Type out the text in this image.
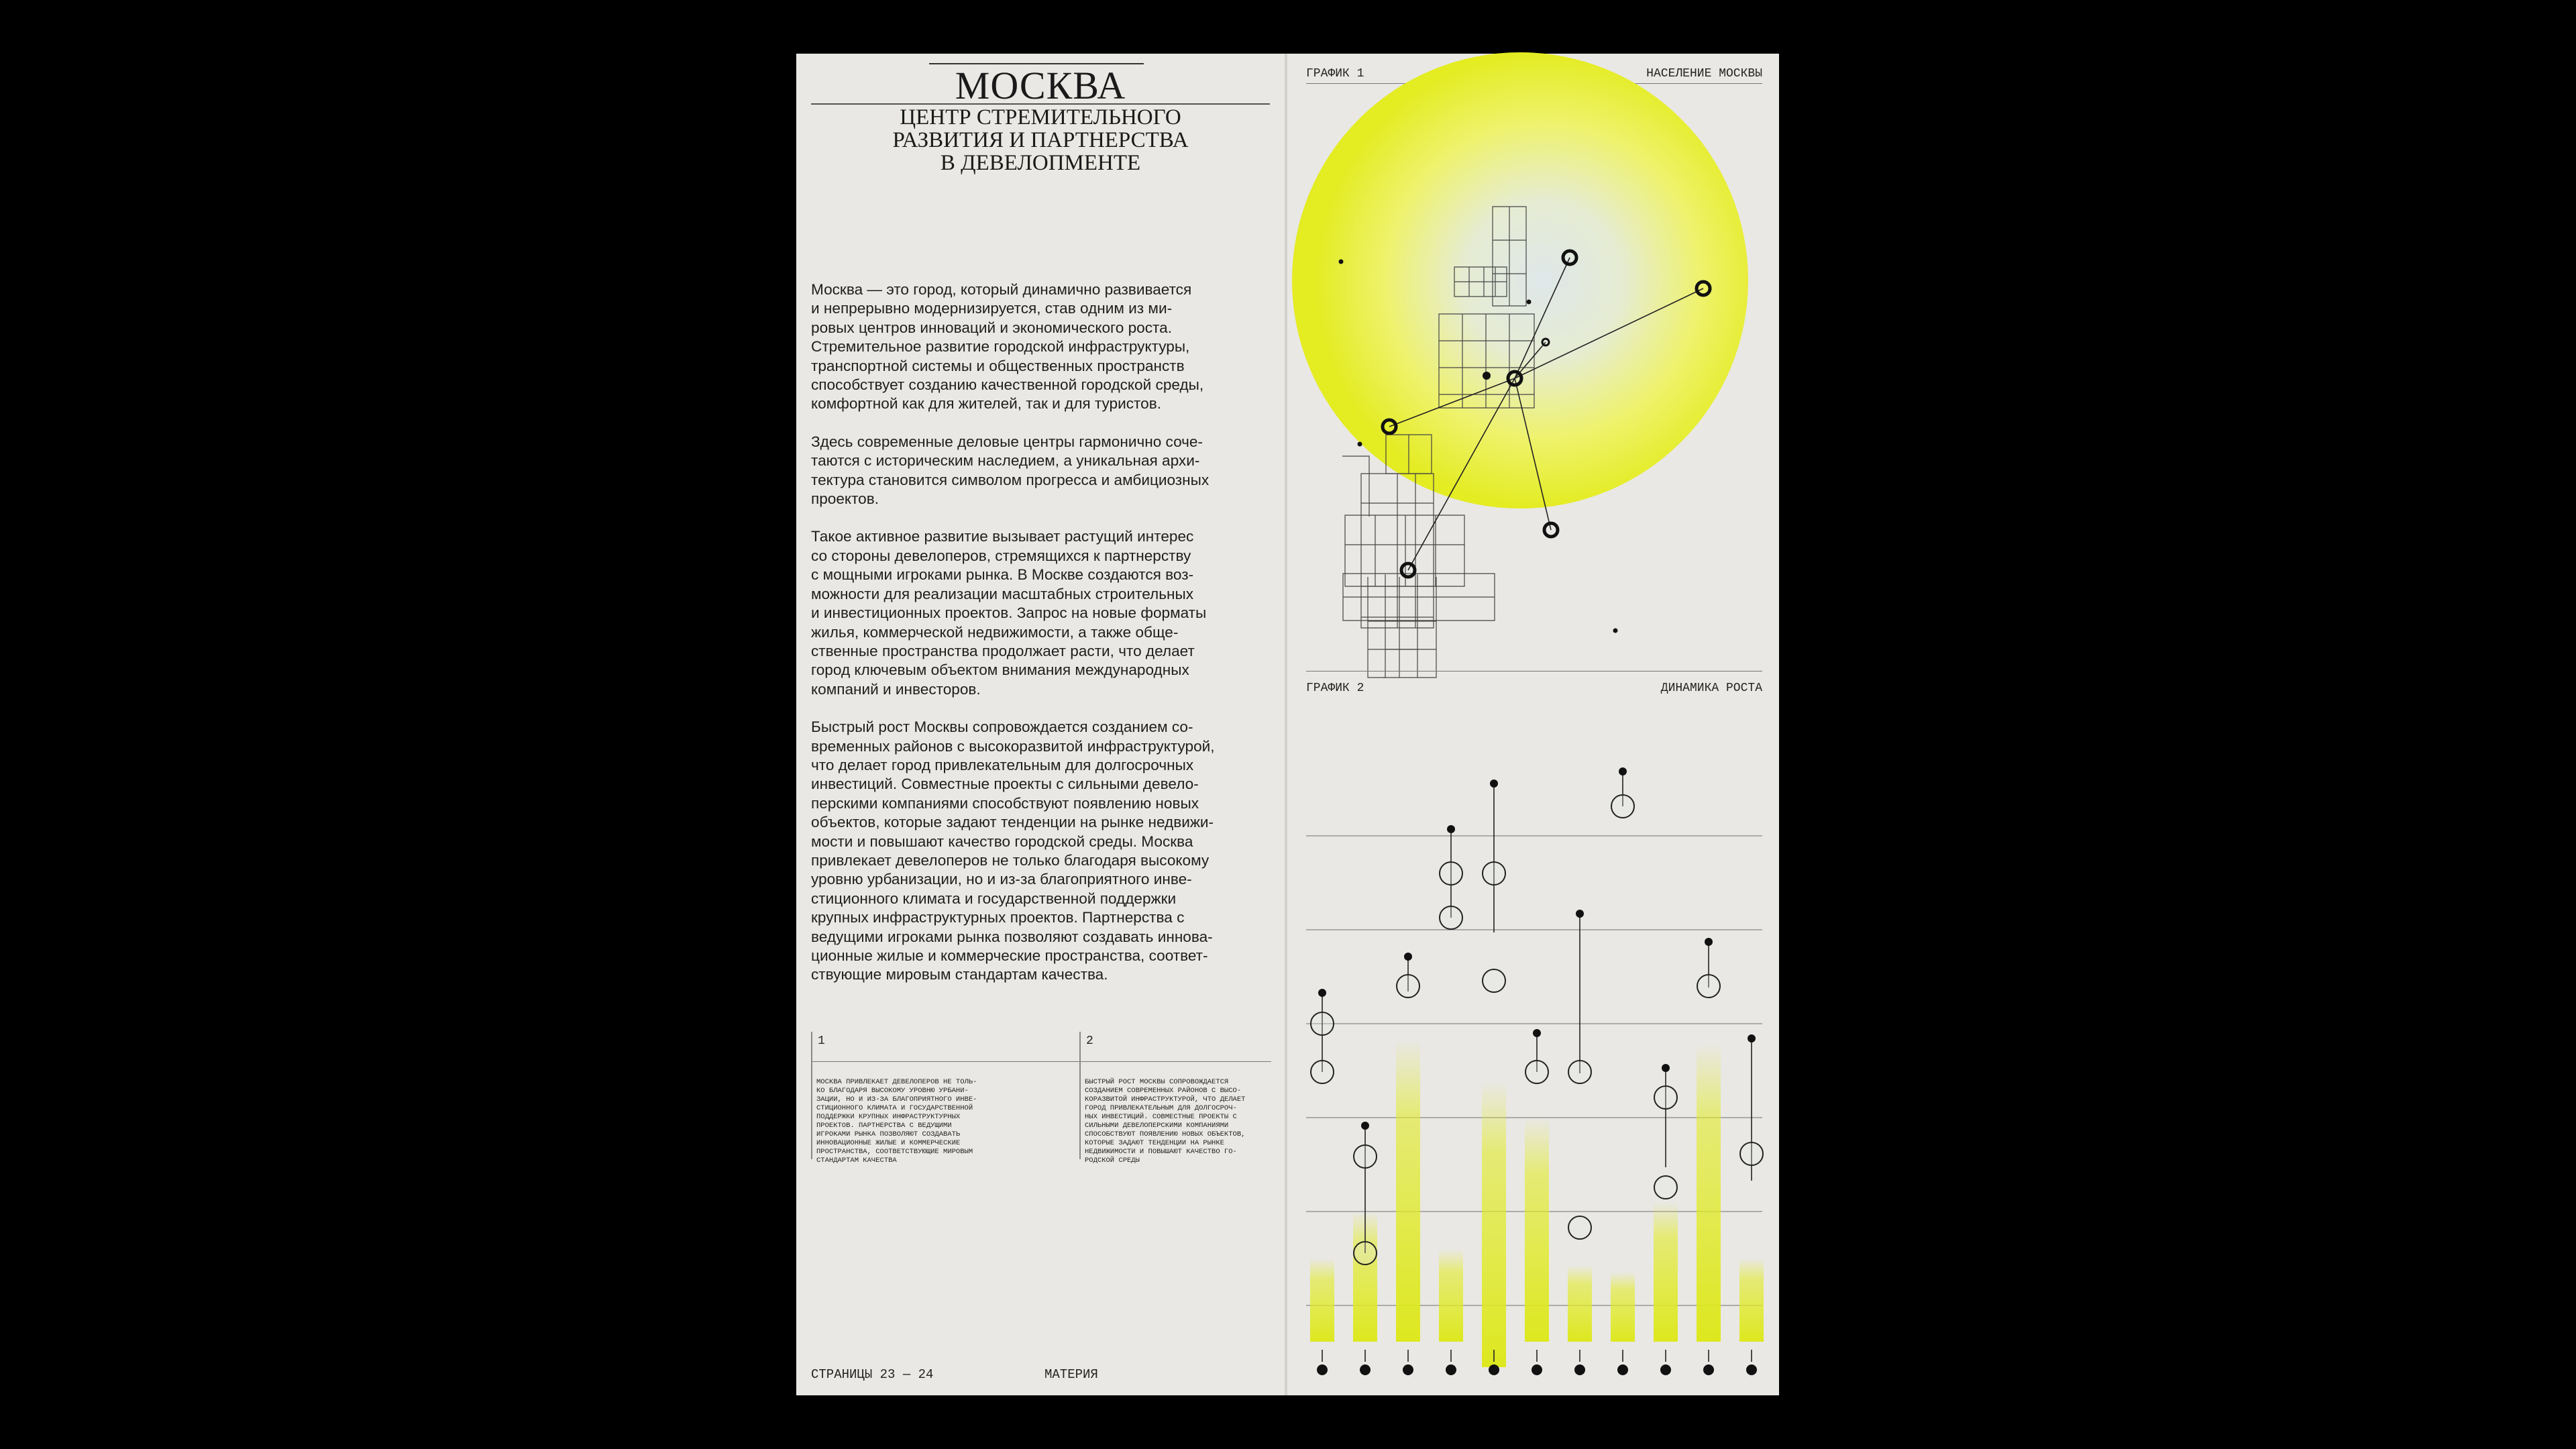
МОСКВА
ЦЕНТР СТРЕМИТЕЛЬНОГО
РАЗВИТИЯ И ПАРТНЕРСТВА
В ДЕВЕЛОПМЕНТЕ

Москва — это город, который динамично развивается
и непрерывно модернизируется, став одним из ми-
ровых центров инноваций и экономического роста.
Стремительное развитие городской инфраструктуры,
транспортной системы и общественных пространств
способствует созданию качественной городской среды,
комфортной как для жителей, так и для туристов.

Здесь современные деловые центры гармонично соче-
таются с историческим наследием, а уникальная архи-
тектура становится символом прогресса и амбициозных
проектов.

Такое активное развитие вызывает растущий интерес
со стороны девелоперов, стремящихся к партнерству
с мощными игроками рынка. В Москве создаются воз-
можности для реализации масштабных строительных
и инвестиционных проектов. Запрос на новые форматы
жилья, коммерческой недвижимости, а также обще-
ственные пространства продолжает расти, что делает
город ключевым объектом внимания международных
компаний и инвесторов.

Быстрый рост Москвы сопровождается созданием со-
временных районов с высокоразвитой инфраструктурой,
что делает город привлекательным для долгосрочных
инвестиций. Совместные проекты с сильными девело-
перскими компаниями способствуют появлению новых
объектов, которые задают тенденции на рынке недвижи-
мости и повышают качество городской среды. Москва
привлекает девелоперов не только благодаря высокому
уровню урбанизации, но и из-за благоприятного инве-
стиционного климата и государственной поддержки
крупных инфраструктурных проектов. Партнерства с
ведущими игроками рынка позволяют создавать иннова-
ционные жилые и коммерческие пространства, соответ-
ствующие мировым стандартам качества.

1
МОСКВА ПРИВЛЕКАЕТ ДЕВЕЛОПЕРОВ НЕ ТОЛЬ-
КО БЛАГОДАРЯ ВЫСОКОМУ УРОВНЮ УРБАНИ-
ЗАЦИИ, НО И ИЗ-ЗА БЛАГОПРИЯТНОГО ИНВЕ-
СТИЦИОННОГО КЛИМАТА И ГОСУДАРСТВЕННОЙ
ПОДДЕРЖКИ КРУПНЫХ ИНФРАСТРУКТУРНЫХ
ПРОЕКТОВ. ПАРТНЕРСТВА С ВЕДУЩИМИ
ИГРОКАМИ РЫНКА ПОЗВОЛЯЮТ СОЗДАВАТЬ
ИННОВАЦИОННЫЕ ЖИЛЫЕ И КОММЕРЧЕСКИЕ
ПРОСТРАНСТВА, СООТВЕТСТВУЮЩИЕ МИРОВЫМ
СТАНДАРТАМ КАЧЕСТВА
2
БЫСТРЫЙ РОСТ МОСКВЫ СОПРОВОЖДАЕТСЯ
СОЗДАНИЕМ СОВРЕМЕННЫХ РАЙОНОВ С ВЫСО-
КОРАЗВИТОЙ ИНФРАСТРУКТУРОЙ, ЧТО ДЕЛАЕТ
ГОРОД ПРИВЛЕКАТЕЛЬНЫМ ДЛЯ ДОЛГОСРОЧ-
НЫХ ИНВЕСТИЦИЙ. СОВМЕСТНЫЕ ПРОЕКТЫ С
СИЛЬНЫМИ ДЕВЕЛОПЕРСКИМИ КОМПАНИЯМИ
СПОСОБСТВУЮТ ПОЯВЛЕНИЮ НОВЫХ ОБЪЕКТОВ,
КОТОРЫЕ ЗАДАЮТ ТЕНДЕНЦИИ НА РЫНКЕ
НЕДВИЖИМОСТИ И ПОВЫШАЮТ КАЧЕСТВО ГО-
РОДСКОЙ СРЕДЫ
СТРАНИЦЫ 23 — 24	МАТЕРИЯ
ГРАФИК 1	НАСЕЛЕНИЕ МОСКВЫ
ГРАФИК 2	ДИНАМИКА РОСТА
